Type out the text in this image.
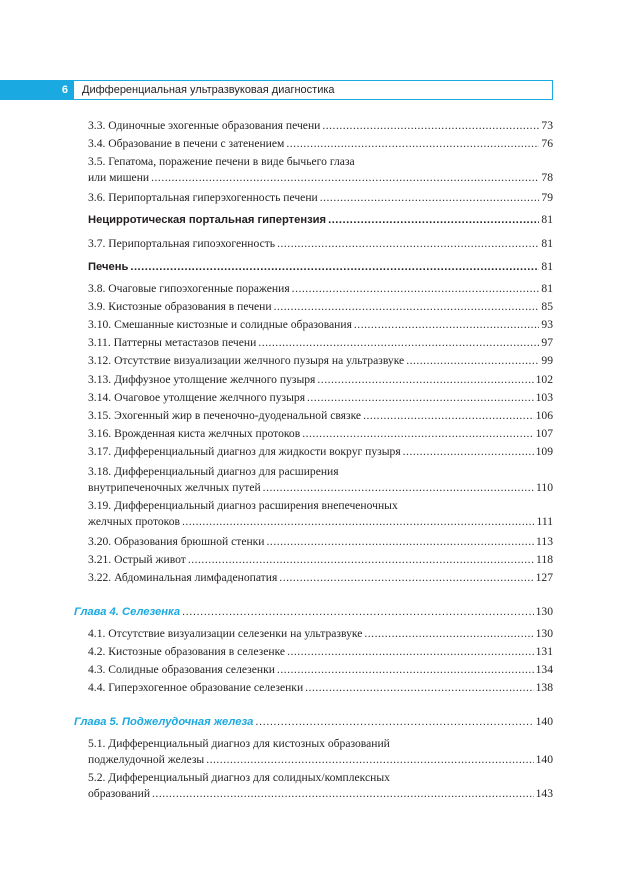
6	Дифференциальная ультразвуковая диагностика
3.3. Одиночные эхогенные образования печени .....	73
3.4. Образование в печени с затенением .....	76
3.5. Гепатома, поражение печени в виде бычьего глаза
или мишени .....	78
3.6. Перипортальная гиперэхогенность печени .....	79
Нецирротическая портальная гипертензия .....	81
3.7. Перипортальная гипоэхогенность .....	81
Печень .....	81
3.8. Очаговые гипоэхогенные поражения .....	81
3.9. Кистозные образования в печени .....	85
3.10. Смешанные кистозные и солидные образования .....	93
3.11. Паттерны метастазов печени .....	97
3.12. Отсутствие визуализации желчного пузыря на ультразвуке .....	99
3.13. Диффузное утолщение желчного пузыря .....	102
3.14. Очаговое утолщение желчного пузыря .....	103
3.15. Эхогенный жир в печеночно-дуоденальной связке .....	106
3.16. Врожденная киста желчных протоков .....	107
3.17. Дифференциальный диагноз для жидкости вокруг пузыря .....	109
3.18. Дифференциальный диагноз для расширения
внутрипеченочных желчных путей .....	110
3.19. Дифференциальный диагноз расширения внепеченочных
желчных протоков .....	111
3.20. Образования брюшной стенки .....	113
3.21. Острый живот .....	118
3.22. Абдоминальная лимфаденопатия .....	127
Глава 4. Селезенка .....	130
4.1. Отсутствие визуализации селезенки на ультразвуке .....	130
4.2. Кистозные образования в селезенке .....	131
4.3. Солидные образования селезенки .....	134
4.4. Гиперэхогенное образование селезенки .....	138
Глава 5. Поджелудочная железа .....	140
5.1. Дифференциальный диагноз для кистозных образований
поджелудочной железы .....	140
5.2. Дифференциальный диагноз для солидных/комплексных
образований .....	143
